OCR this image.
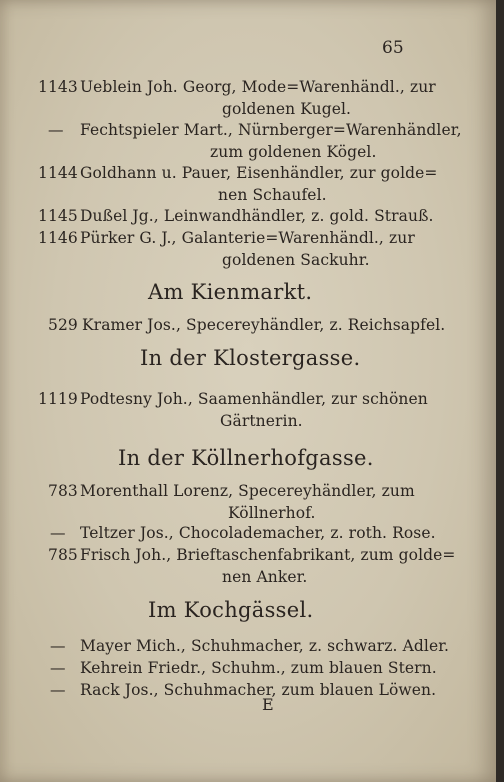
65
1143 Ueblein Joh. Georg, Mode=Warenhändl., zur
goldenen Kugel.
— Fechtspieler Mart., Nürnberger=Warenhändler,
zum goldenen Kögel.
1144 Goldhann u. Pauer, Eisenhändler, zur golde=
nen Schaufel.
1145 Dußel Jg., Leinwandhändler, z. gold. Strauß.
1146 Pürker G. J., Galanterie=Warenhändl., zur
goldenen Sackuhr.
Am Kienmarkt.
529 Kramer Jos., Specereyhändler, z. Reichsapfel.
In der Klostergasse.
1119 Podtesny Joh., Saamenhändler, zur schönen
Gärtnerin.
In der Köllnerhofgasse.
783 Morenthall Lorenz, Specereyhändler, zum
Köllnerhof.
— Teltzer Jos., Chocolademacher, z. roth. Rose.
785 Frisch Joh., Brieftaschenfabrikant, zum golde=
nen Anker.
Im Kochgässel.
— Mayer Mich., Schuhmacher, z. schwarz. Adler.
— Kehrein Friedr., Schuhm., zum blauen Stern.
— Rack Jos., Schuhmacher, zum blauen Löwen.
E
